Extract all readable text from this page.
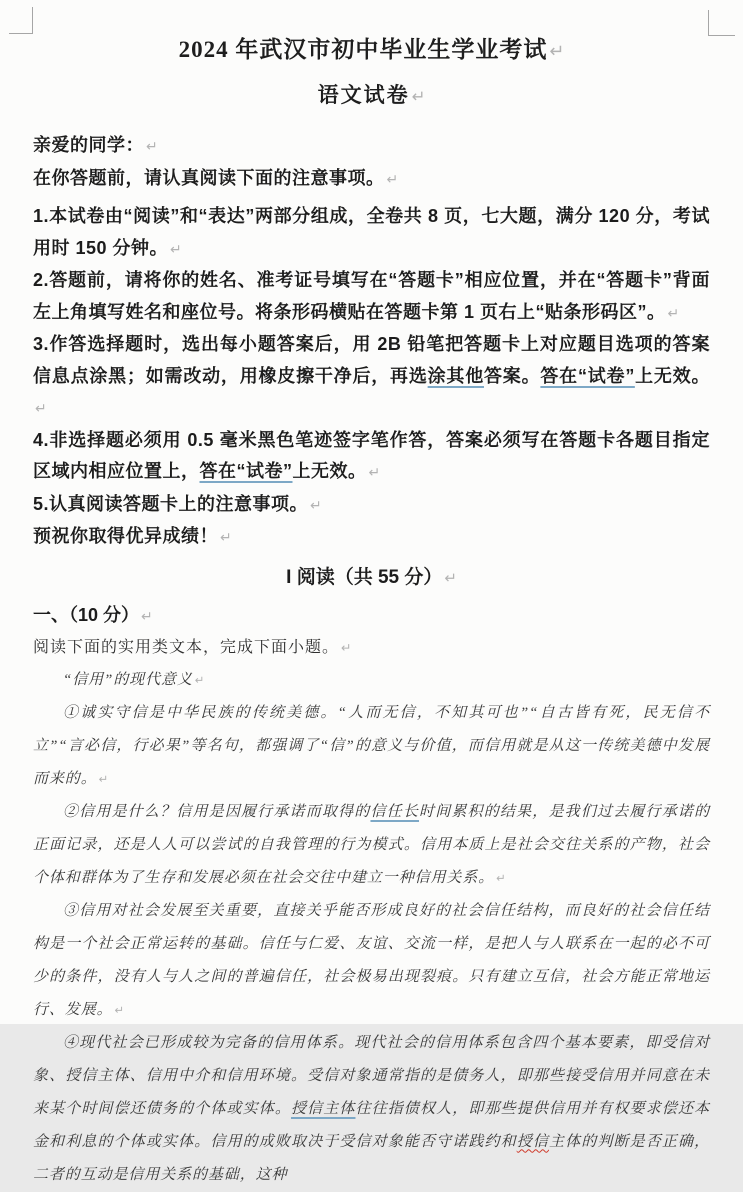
2024 年武汉市初中毕业生学业考试 ↵
语文试卷 ↵

亲爱的同学： ↵

在你答题前，请认真阅读下面的注意事项。 ↵

1.本试卷由“阅读”和“表达”两部分组成，全卷共 8 页，七大题，满分 120 分，考试用时 150 分钟。 ↵

2.答题前，请将你的姓名、准考证号填写在“答题卡”相应位置，并在“答题卡”背面左上角填写姓名和座位号。将条形码横贴在答题卡第 1 页右上“贴条形码区”。 ↵

3.作答选择题时，选出每小题答案后，用 2B 铅笔把答题卡上对应题目选项的答案信息点涂黑；如需改动，用橡皮擦干净后，再选涂其他答案。答在“试卷”上无效。↵

4.非选择题必须用 0.5 毫米黑色笔迹签字笔作答，答案必须写在答题卡各题目指定区域内相应位置上，答在“试卷”上无效。 ↵

5.认真阅读答题卡上的注意事项。 ↵

预祝你取得优异成绩！ ↵

I 阅读（共 55 分） ↵

一、（10 分） ↵

阅读下面的实用类文本，完成下面小题。 ↵

“信用”的现代意义 ↵

①诚实守信是中华民族的传统美德。“人而无信，不知其可也”“自古皆有死，民无信不立”“言必信，行必果”等名句，都强调了“信”的意义与价值，而信用就是从这一传统美德中发展而来的。 ↵

②信用是什么？信用是因履行承诺而取得的信任长时间累积的结果，是我们过去履行承诺的正面记录，还是人人可以尝试的自我管理的行为模式。信用本质上是社会交往关系的产物，社会个体和群体为了生存和发展必须在社会交往中建立一种信用关系。 ↵

③信用对社会发展至关重要，直接关乎能否形成良好的社会信任结构，而良好的社会信任结构是一个社会正常运转的基础。信任与仁爱、友谊、交流一样，是把人与人联系在一起的必不可少的条件，没有人与人之间的普遍信任，社会极易出现裂痕。只有建立互信，社会方能正常地运行、发展。 ↵

④现代社会已形成较为完备的信用体系。现代社会的信用体系包含四个基本要素，即受信对象、授信主体、信用中介和信用环境。受信对象通常指的是债务人，即那些接受信用并同意在未来某个时间偿还债务的个体或实体。授信主体往往指债权人，即那些提供信用并有权要求偿还本金和利息的个体或实体。信用的成败取决于受信对象能否守诺践约和授信主体的判断是否正确，二者的互动是信用关系的基础，这种
